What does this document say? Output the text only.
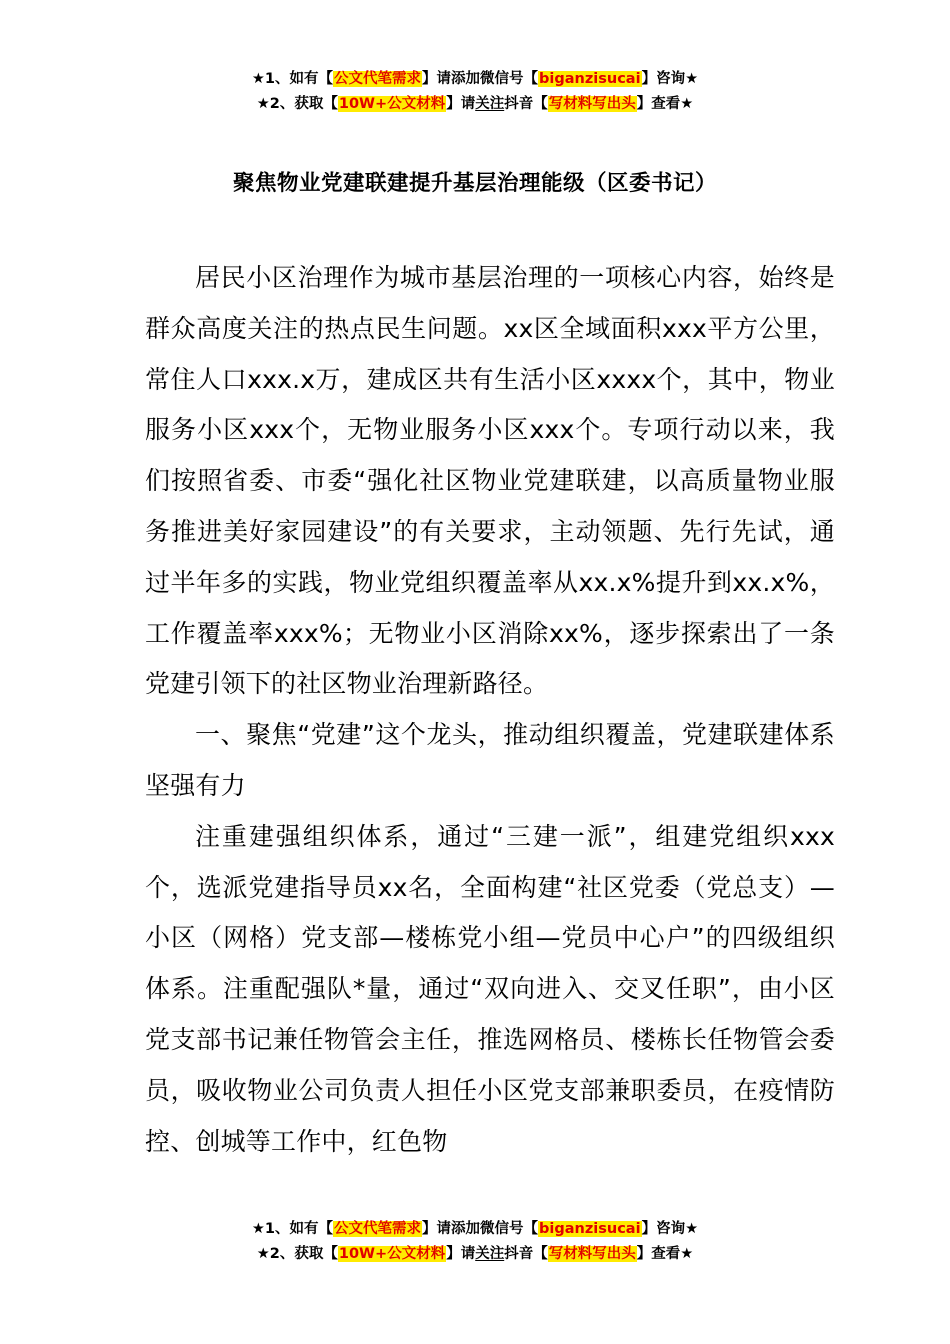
★1、如有【公文代笔需求】请添加微信号【biganzisucai】咨询★
★2、获取【10W+公文材料】请关注抖音【写材料写出头】查看★
聚焦物业党建联建提升基层治理能级（区委书记）

居民小区治理作为城市基层治理的一项核心内容，始终是群众高度关注的热点民生问题。xx区全域面积xxx平方公里，常住人口xxx.x万，建成区共有生活小区xxxx个，其中，物业服务小区xxx个，无物业服务小区xxx个。专项行动以来，我们按照省委、市委“强化社区物业党建联建，以高质量物业服务推进美好家园建设”的有关要求，主动领题、先行先试，通过半年多的实践，物业党组织覆盖率从xx.x%提升到xx.x%，工作覆盖率xxx%；无物业小区消除xx%，逐步探索出了一条党建引领下的社区物业治理新路径。

一、聚焦“党建”这个龙头，推动组织覆盖，党建联建体系坚强有力

注重建强组织体系，通过“三建一派”，组建党组织xxx个，选派党建指导员xx名，全面构建“社区党委（党总支）—小区（网格）党支部—楼栋党小组—党员中心户”的四级组织体系。注重配强队*量，通过“双向进入、交叉任职”，由小区党支部书记兼任物管会主任，推选网格员、楼栋长任物管会委员，吸收物业公司负责人担任小区党支部兼职委员，在疫情防控、创城等工作中，红色物

★1、如有【公文代笔需求】请添加微信号【biganzisucai】咨询★
★2、获取【10W+公文材料】请关注抖音【写材料写出头】查看★
